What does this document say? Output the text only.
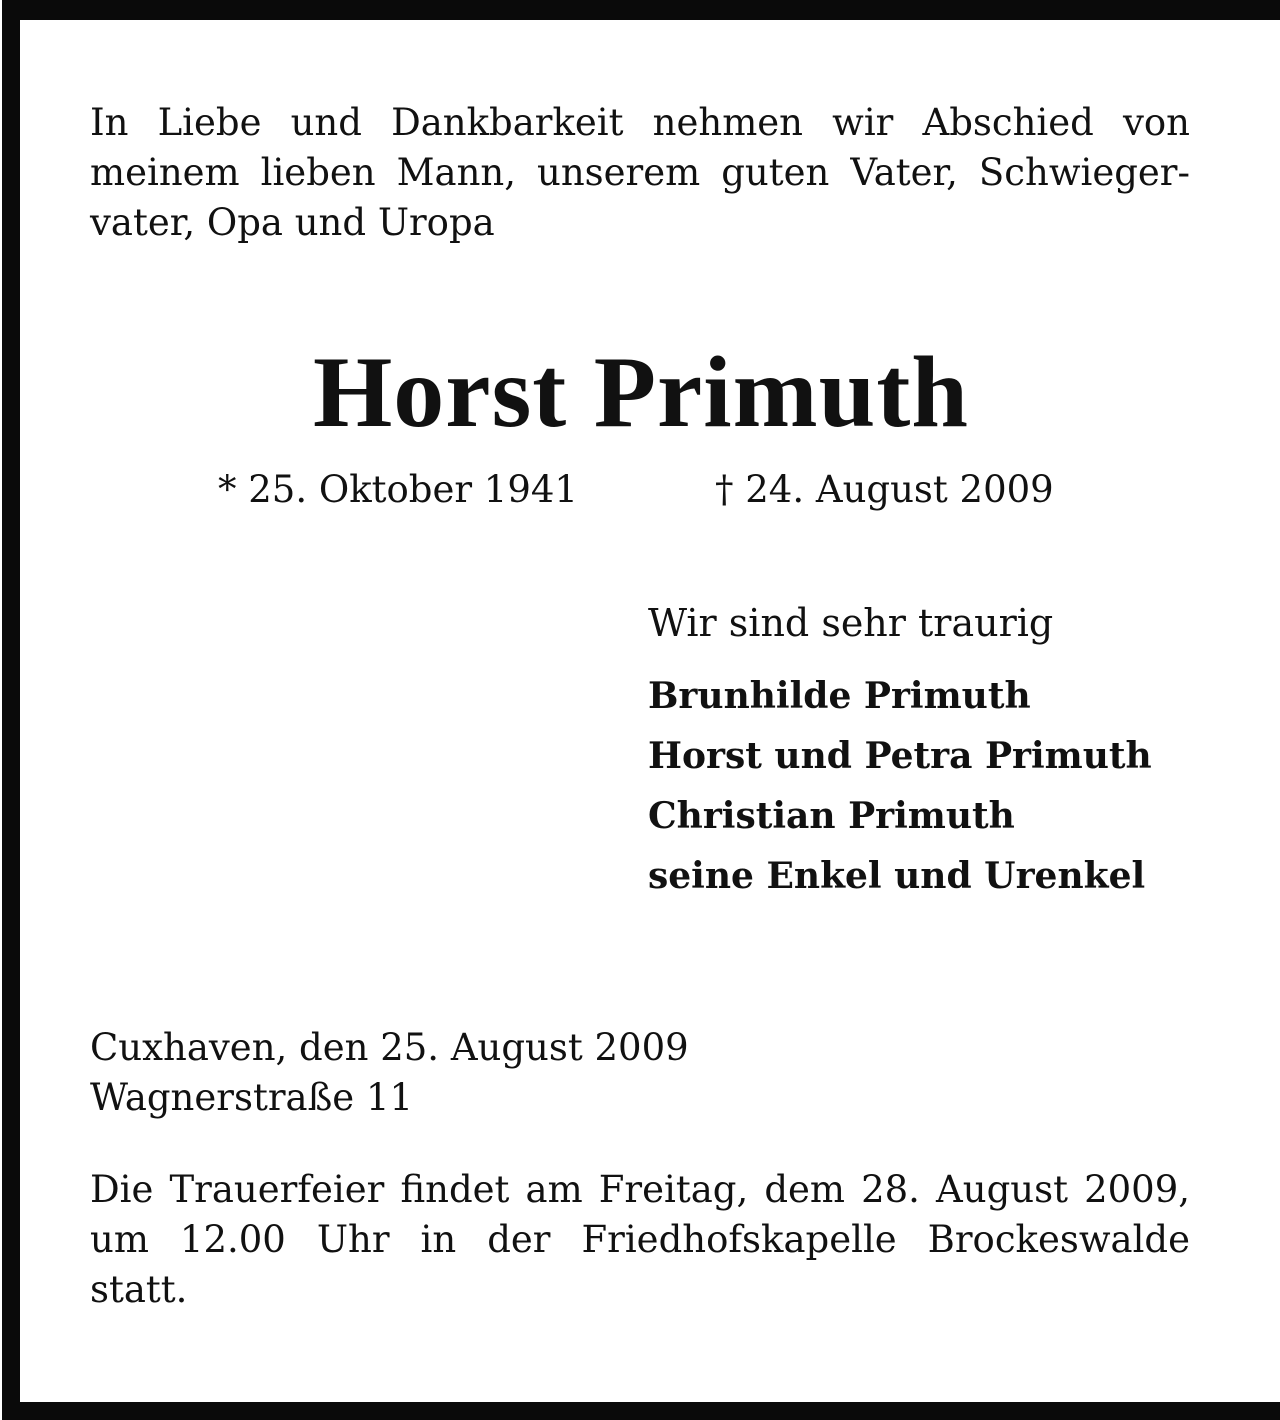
In Liebe und Dankbarkeit nehmen wir Abschied von
meinem lieben Mann, unserem guten Vater, Schwieger-
vater, Opa und Uropa
Horst Primuth
* 25. Oktober 1941	† 24. August 2009
Wir sind sehr traurig
Brunhilde Primuth
Horst und Petra Primuth
Christian Primuth
seine Enkel und Urenkel
Cuxhaven, den 25. August 2009
Wagnerstraße 11
Die Trauerfeier findet am Freitag, dem 28. August 2009,
um 12.00 Uhr in der Friedhofskapelle Brockeswalde
statt.
